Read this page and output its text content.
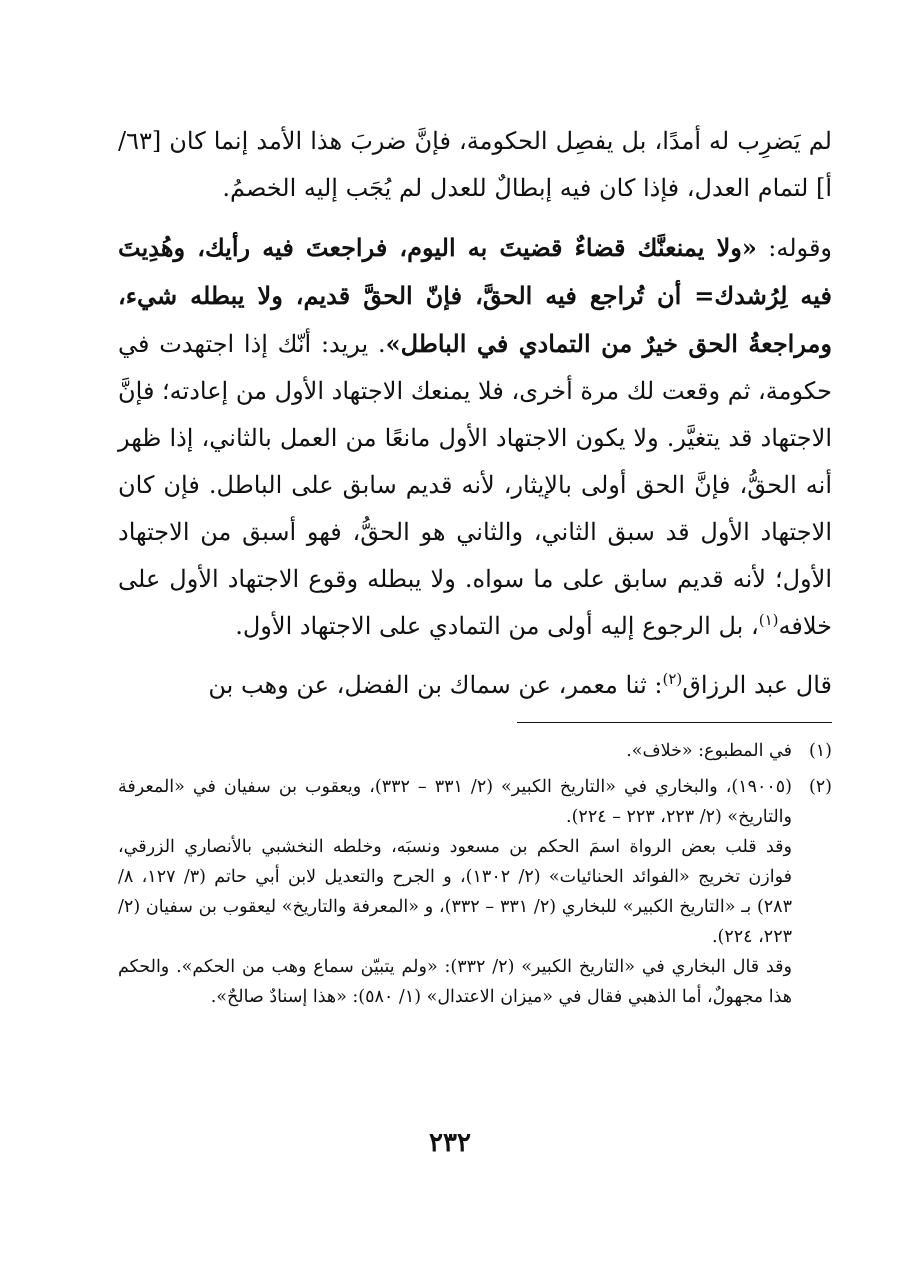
لم يَضرِب له أمدًا، بل يفصِل الحكومة، فإنَّ ضربَ هذا الأمد إنما كان [٦٣/ أ] لتمام العدل، فإذا كان فيه إبطالٌ للعدل لم يُجَب إليه الخصمُ.

وقوله: «ولا يمنعنَّك قضاءٌ قضيتَ به اليوم، فراجعتَ فيه رأيك، وهُدِيتَ فيه لِرُشدك= أن تُراجع فيه الحقَّ، فإنّ الحقَّ قديم، ولا يبطله شيء، ومراجعةُ الحق خيرٌ من التمادي في الباطل». يريد: أنّك إذا اجتهدت في حكومة، ثم وقعت لك مرة أخرى، فلا يمنعك الاجتهاد الأول من إعادته؛ فإنَّ الاجتهاد قد يتغيَّر. ولا يكون الاجتهاد الأول مانعًا من العمل بالثاني، إذا ظهر أنه الحقُّ، فإنَّ الحق أولى بالإيثار، لأنه قديم سابق على الباطل. فإن كان الاجتهاد الأول قد سبق الثاني، والثاني هو الحقُّ، فهو أسبق من الاجتهاد الأول؛ لأنه قديم سابق على ما سواه. ولا يبطله وقوع الاجتهاد الأول على خلافه$^{(١)}$، بل الرجوع إليه أولى من التمادي على الاجتهاد الأول.

قال عبد الرزاق$^{(٢)}$: ثنا معمر، عن سماك بن الفضل، عن وهب بن

(١)

في المطبوع: «خلاف».

(٢)

(١٩٠٠٥)، والبخاري في «التاريخ الكبير» (٢/ ٣٣١ – ٣٣٢)، ويعقوب بن سفيان في «المعرفة والتاريخ» (٢/ ٢٢٣، ٢٢٣ – ٢٢٤).

وقد قلب بعض الرواة اسمَ الحكم بن مسعود ونسبَه، وخلطه النخشبي بالأنصاري الزرقي، فوازن تخريج «الفوائد الحنائيات» (٢/ ١٣٠٢)، و الجرح والتعديل لابن أبي حاتم (٣/ ١٢٧، ٨/ ٢٨٣) بـ «التاريخ الكبير» للبخاري (٢/ ٣٣١ – ٣٣٢)، و «المعرفة والتاريخ» ليعقوب بن سفيان (٢/ ٢٢٣، ٢٢٤).

وقد قال البخاري في «التاريخ الكبير» (٢/ ٣٣٢): «ولم يتبيّن سماع وهب من الحكم». والحكم هذا مجهولٌ، أما الذهبي فقال في «ميزان الاعتدال» (١/ ٥٨٠): «هذا إسنادٌ صالحٌ».

٢٣٢
